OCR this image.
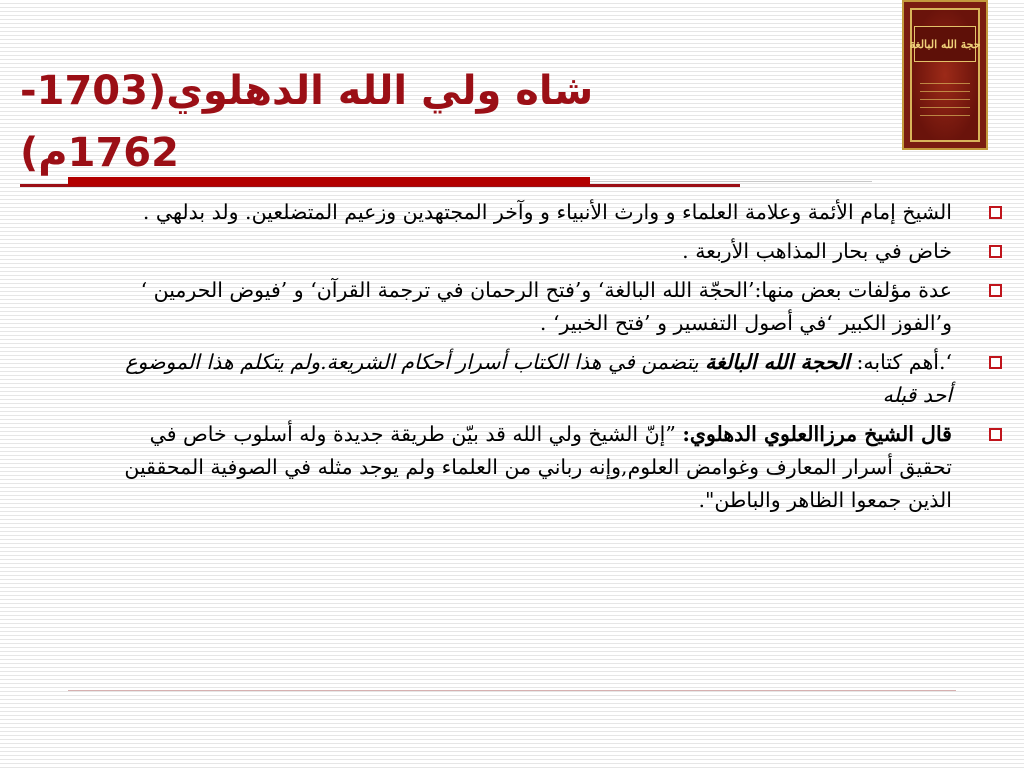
شاه ولي الله الدهلوي(1703-1762م)
حجة الله البالغة
الشيخ إمام الأئمة وعلامة العلماء و وارث الأنبياء و وآخر المجتهدين وزعيم المتضلعين. ولد بدلهي .
خاض في بحار المذاهب الأربعة .
عدة مؤلفات بعض منها:’الحجّة الله البالغة‘ و’فتح الرحمان في ترجمة القرآن‘ و ’فيوض الحرمين ‘ و’الفوز الكبير ‘في أصول التفسير و ’فتح الخبير‘ .
‘.أهم كتابه: الحجة الله البالغة يتضمن في هذا الكتاب أسرار أحكام الشريعة.ولم يتكلم هذا الموضوع أحد قبله
قال الشيخ مرزاالعلوي الدهلوي: ”إنّ الشيخ ولي الله قد بيّن طريقة جديدة وله أسلوب خاص في تحقيق أسرار المعارف وغوامض العلوم,وإنه رباني من العلماء ولم يوجد مثله في الصوفية المحققين الذين جمعوا الظاهر والباطن".
